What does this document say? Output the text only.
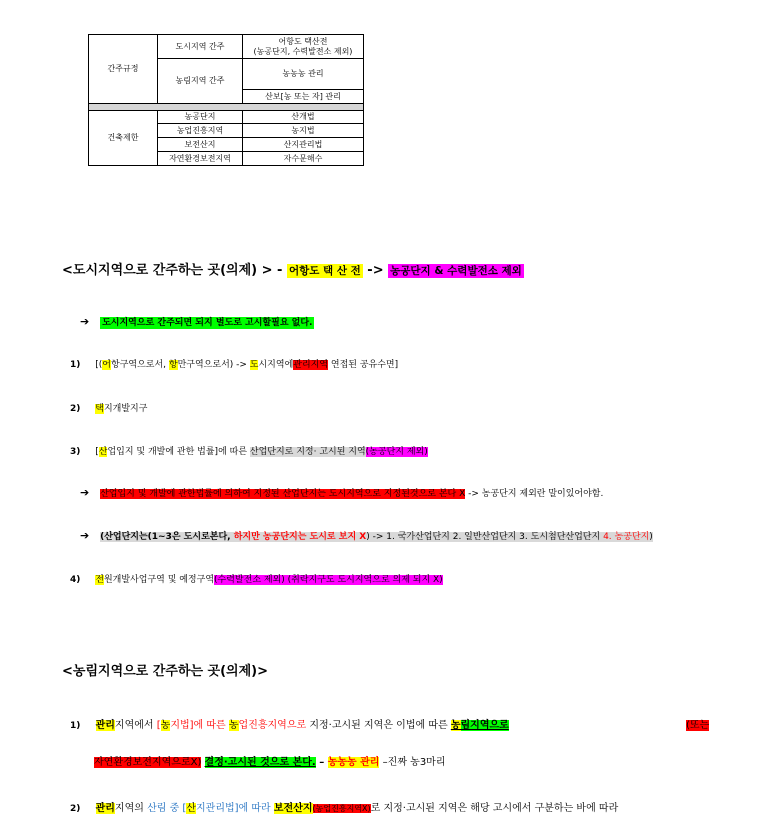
간주규정	도시지역 간주	어항도 택산전
(농공단지, 수력발전소 제외)

	농림지역 간주	농농농 관리
		산보[농 또는 자] 관리

건축제한	농공단지	산개법
	농업진흥지역	농지법
	보전산지	산지관리법
	자연환경보전지역	자수문해수
<도시지역으로 간주하는 곳(의제) > - 어항도 택 산 전 -> 농공단지 & 수력발전소 제외
➔ 도시지역으로 간주되면 되지 별도로 고시할필요 없다.
1) [(어항구역으로서, 항만구역으로서) -> 도시지역에관리지역 연접된 공유수면]
2) 택지개발지구
3) [산업입지 및 개발에 관한 법률]에 따른 산업단지로 지정· 고시된 지역(농공단지 제외)
➔ 산업입지 및 개발에 관한법률에 의하여 지정된 산업단지는 도시지역으로 지정된것으로 본다 X -> 농공단지 제외란 말이있어야함.
➔ (산업단지는(1~3은 도시로본다, 하지만 농공단지는 도시로 보지 X) -> 1. 국가산업단지 2. 일반산업단지 3. 도시첨단산업단지 4. 농공단지)
4) 전원개발사업구역 및 예정구역(수력발전소 제외) (취락지구도 도시지역으로 의제 되지 X)
<농림지역으로 간주하는 곳(의제)>
1) 관리지역에서 [농지법]에 따른 농업진흥지역으로 지정·고시된 지역은 이법에 따른 농림지역으로	(또는
자연환경보전지역으로X) 결정·고시된 것으로 본다. – 농농농 관리 –진짜 농3마리
2) 관리지역의 산림 중 [산지관리법]에 따라 보전산지(농업진흥지역X)로 지정·고시된 지역은 해당 고시에서 구분하는 바에 따라
